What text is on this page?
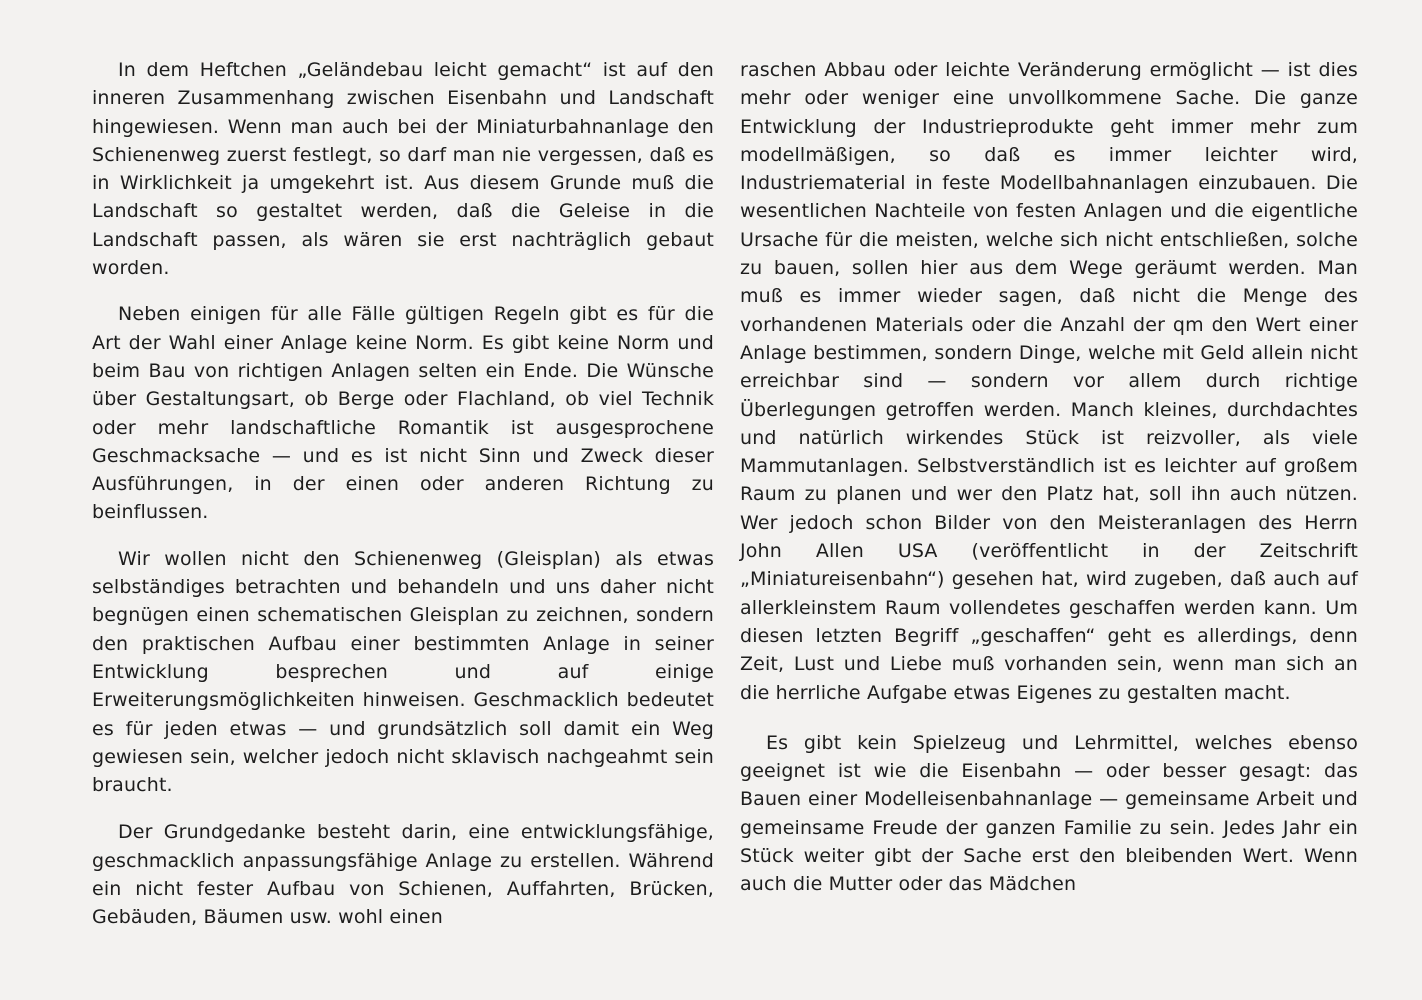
In dem Heftchen „Geländebau leicht gemacht“ ist auf den inneren Zusammenhang zwischen Eisenbahn und Landschaft hingewiesen. Wenn man auch bei der Miniaturbahnanlage den Schienenweg zuerst festlegt, so darf man nie vergessen, daß es in Wirklichkeit ja umgekehrt ist. Aus diesem Grunde muß die Landschaft so gestaltet werden, daß die Geleise in die Landschaft passen, als wären sie erst nachträglich gebaut worden.

Neben einigen für alle Fälle gültigen Regeln gibt es für die Art der Wahl einer Anlage keine Norm. Es gibt keine Norm und beim Bau von richtigen Anlagen selten ein Ende. Die Wünsche über Gestaltungsart, ob Berge oder Flachland, ob viel Technik oder mehr landschaftliche Romantik ist ausgesprochene Geschmacksache — und es ist nicht Sinn und Zweck dieser Ausführungen, in der einen oder anderen Richtung zu beinflussen.

Wir wollen nicht den Schienenweg (Gleisplan) als etwas selbständiges betrachten und behandeln und uns daher nicht begnügen einen schematischen Gleisplan zu zeichnen, sondern den praktischen Aufbau einer bestimmten Anlage in seiner Entwicklung besprechen und auf einige Erweiterungsmöglichkeiten hinweisen. Geschmacklich bedeutet es für jeden etwas — und grundsätzlich soll damit ein Weg gewiesen sein, welcher jedoch nicht sklavisch nachgeahmt sein braucht.

Der Grundgedanke besteht darin, eine entwicklungsfähige, geschmacklich anpassungsfähige Anlage zu erstellen. Während ein nicht fester Aufbau von Schienen, Auffahrten, Brücken, Gebäuden, Bäumen usw. wohl einen

raschen Abbau oder leichte Veränderung ermöglicht — ist dies mehr oder weniger eine unvollkommene Sache. Die ganze Entwicklung der Industrieprodukte geht immer mehr zum modellmäßigen, so daß es immer leichter wird, Industriematerial in feste Modellbahnanlagen einzubauen. Die wesentlichen Nachteile von festen Anlagen und die eigentliche Ursache für die meisten, welche sich nicht entschließen, solche zu bauen, sollen hier aus dem Wege geräumt werden. Man muß es immer wieder sagen, daß nicht die Menge des vorhandenen Materials oder die Anzahl der qm den Wert einer Anlage bestimmen, sondern Dinge, welche mit Geld allein nicht erreichbar sind — sondern vor allem durch richtige Überlegungen getroffen werden. Manch kleines, durchdachtes und natürlich wirkendes Stück ist reizvoller, als viele Mammutanlagen. Selbstverständlich ist es leichter auf großem Raum zu planen und wer den Platz hat, soll ihn auch nützen. Wer jedoch schon Bilder von den Meisteranlagen des Herrn John Allen USA (veröffentlicht in der Zeitschrift „Miniatureisenbahn“) gesehen hat, wird zugeben, daß auch auf allerkleinstem Raum vollendetes geschaffen werden kann. Um diesen letzten Begriff „geschaffen“ geht es allerdings, denn Zeit, Lust und Liebe muß vorhanden sein, wenn man sich an die herrliche Aufgabe etwas Eigenes zu gestalten macht.

Es gibt kein Spielzeug und Lehrmittel, welches ebenso geeignet ist wie die Eisenbahn — oder besser gesagt: das Bauen einer Modelleisenbahnanlage — gemeinsame Arbeit und gemeinsame Freude der ganzen Familie zu sein. Jedes Jahr ein Stück weiter gibt der Sache erst den bleibenden Wert. Wenn auch die Mutter oder das Mädchen
